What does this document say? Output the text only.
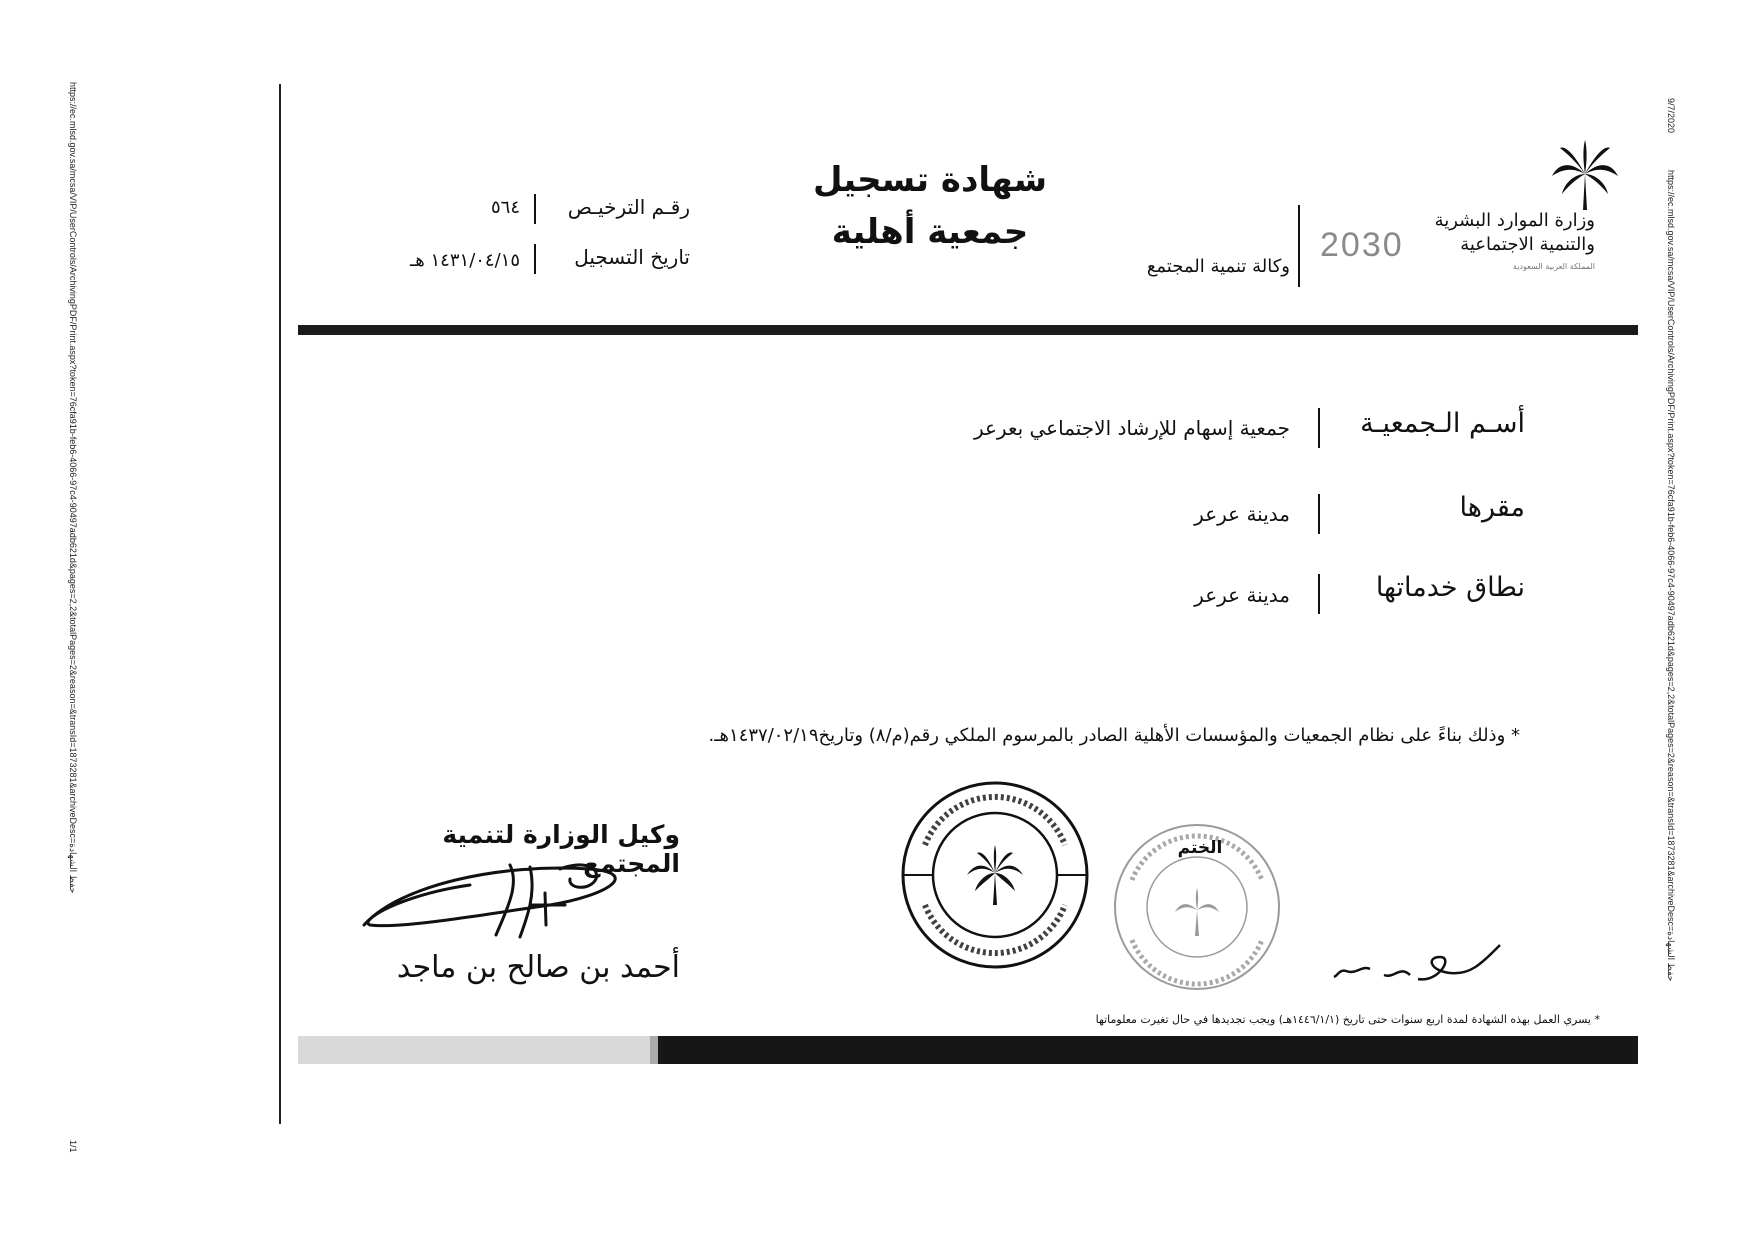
https://ec.mlsd.gov.sa/mcsa/VIP/UserControls/ArchivingPDF/Print.aspx?token=76cfa91b-feb6-4066-97c4-90497adb621d&pages=2,2&totalPages=2&reason=&transId=1873281&archiveDesc=حفظ الشهادة
1/1
9/7/2020
https://ec.mlsd.gov.sa/mcsa/VIP/UserControls/ArchivingPDF/Print.aspx?token=76cfa91b-feb6-4066-97c4-90497adb621d&pages=2,2&totalPages=2&reason=&transId=1873281&archiveDesc=حفظ الشهادة
وزارة الموارد البشرية
والتنمية الاجتماعية
المملكة العربية السعودية
2030
وكالة تنمية المجتمع
شهادة تسجيل
جمعية أهلية
رقـم الترخيـص
٥٦٤
تاريخ التسجيل
١٤٣١/٠٤/١٥ هـ
أسـم الـجمعيـة
جمعية إسهام للإرشاد الاجتماعي بعرعر
مقرها
مدينة عرعر
نطاق خدماتها
مدينة عرعر
* وذلك بناءً على نظام الجمعيات والمؤسسات الأهلية الصادر بالمرسوم الملكي رقم(م/٨) وتاريخ١٤٣٧/٠٢/١٩هـ.
الختم
وكيل الوزارة لتنمية المجتمع
أحمد بن صالح بن ماجد
* يسري العمل بهذه الشهادة لمدة اربع سنوات حتى تاريخ (١٤٤٦/١/١هـ) ويجب تجديدها في حال تغيرت معلوماتها
